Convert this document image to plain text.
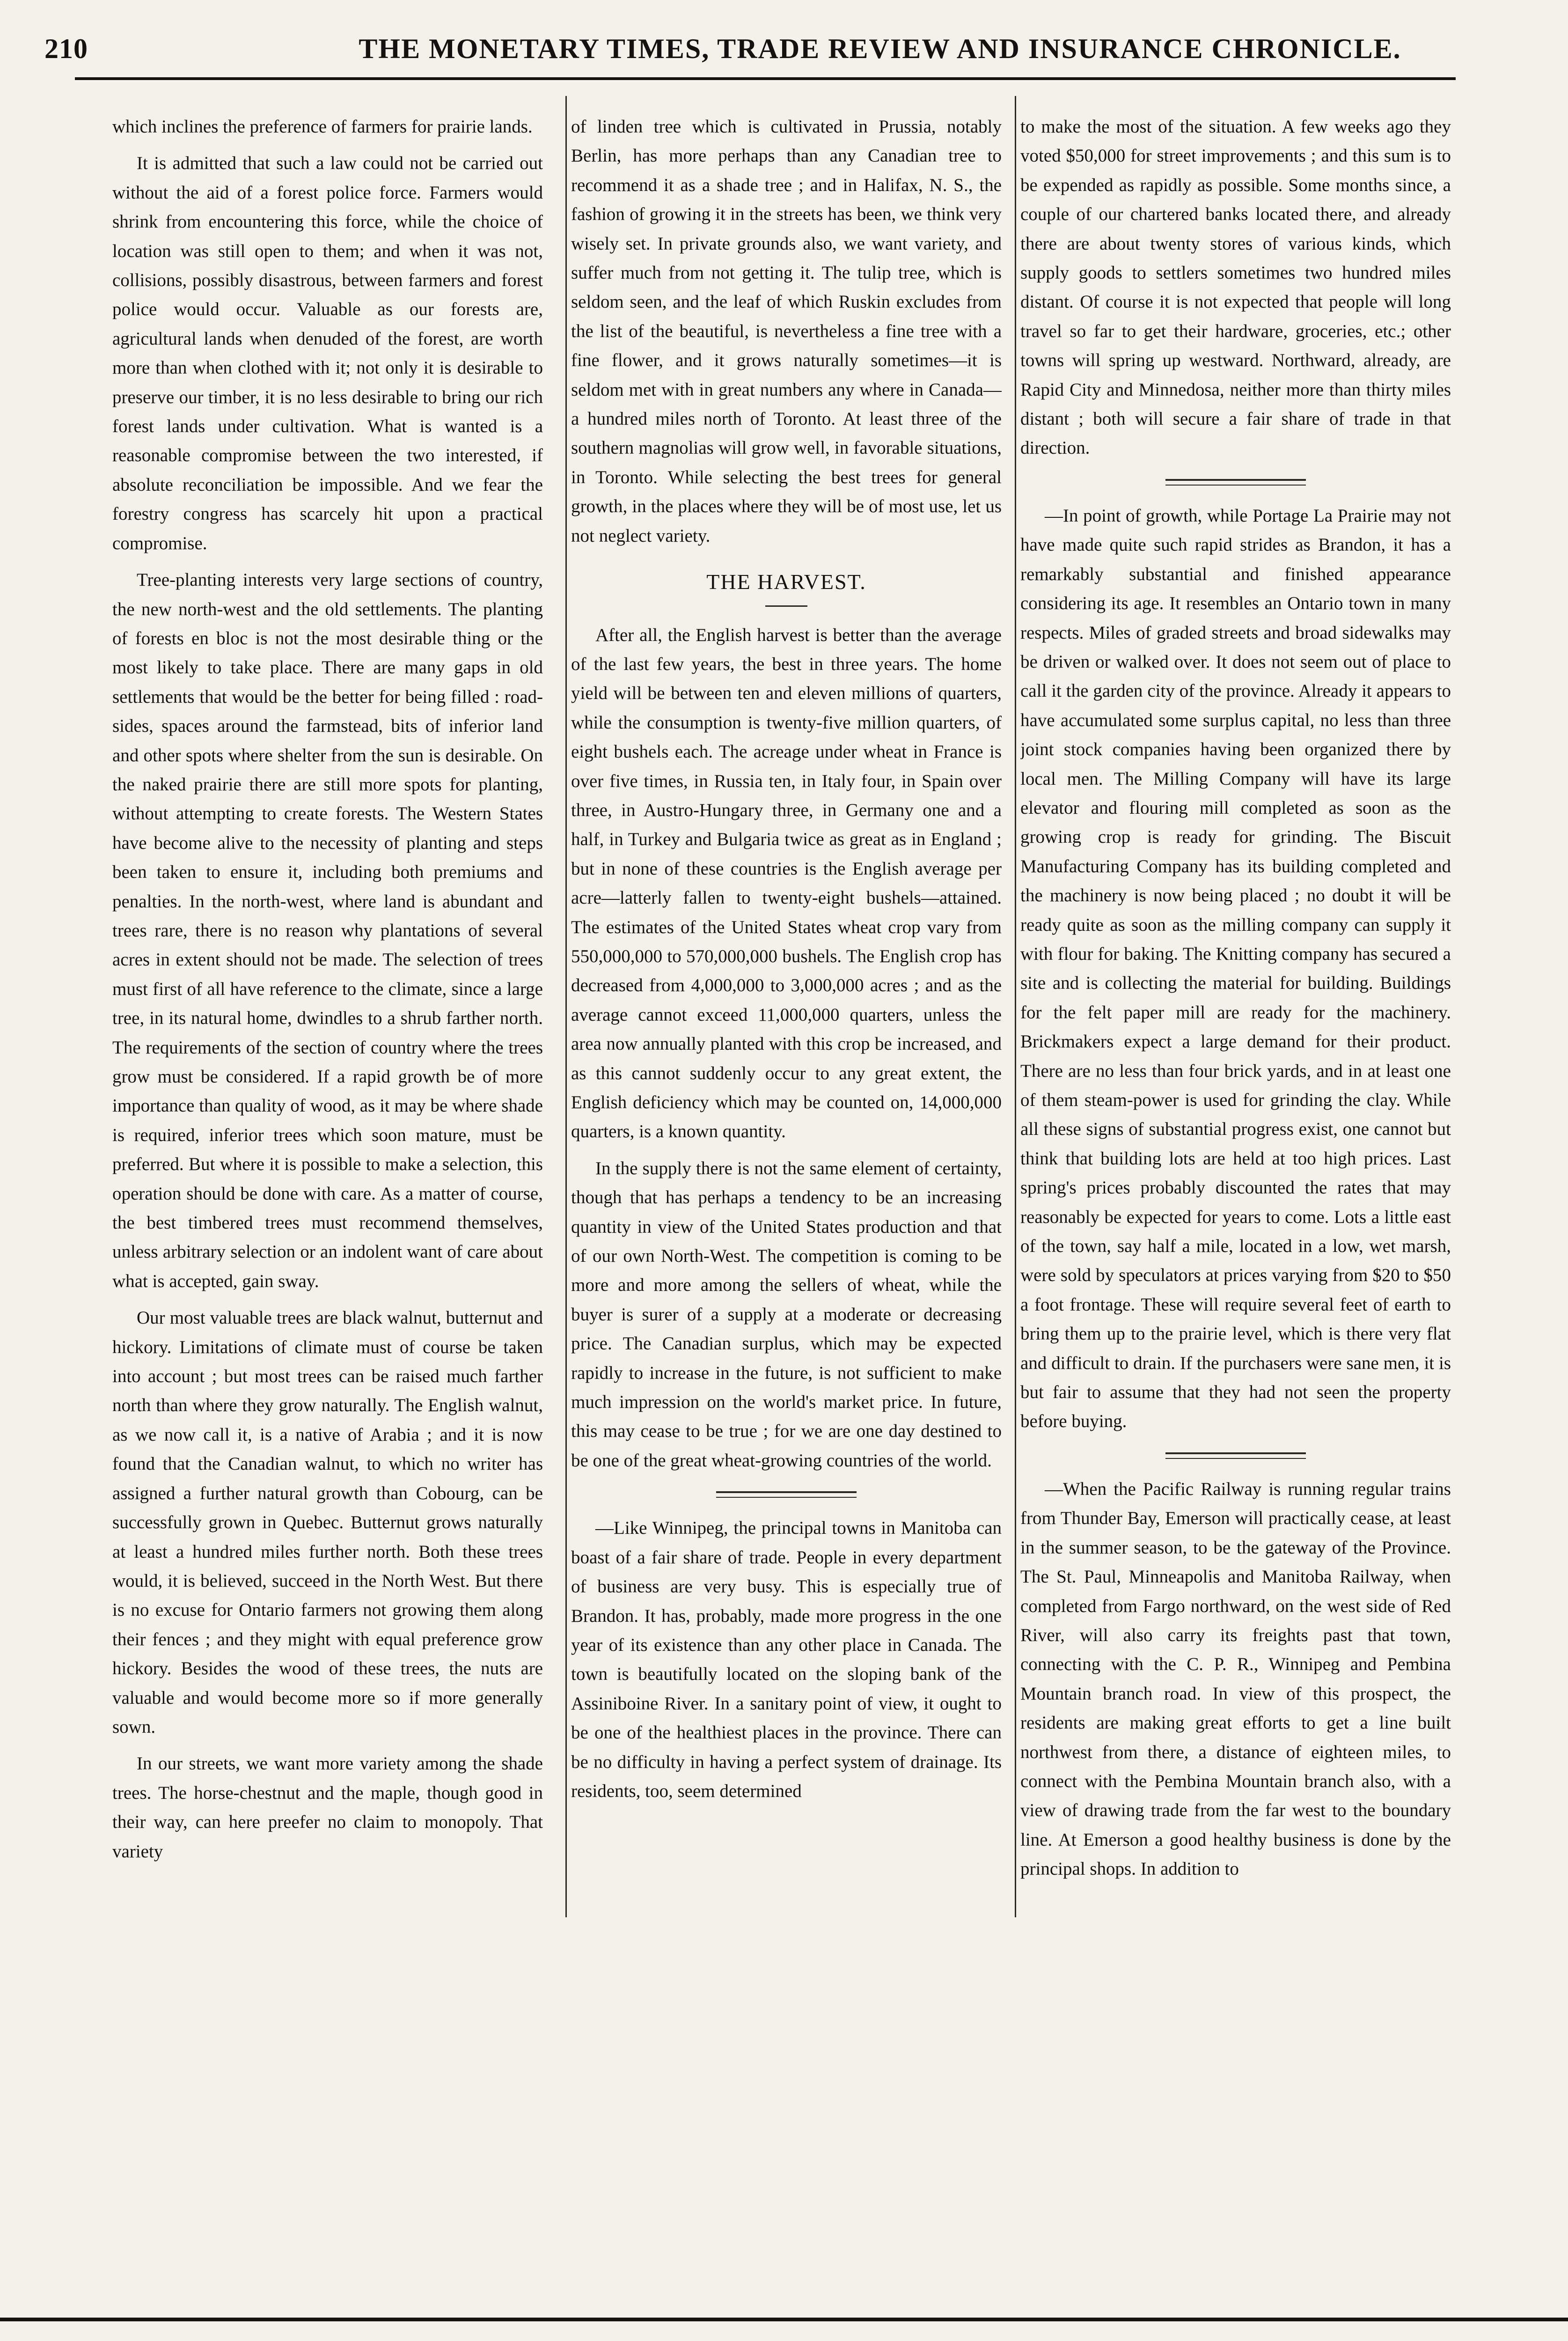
210	THE MONETARY TIMES, TRADE REVIEW AND INSURANCE CHRONICLE.

which inclines the preference of farmers for prairie lands.

It is admitted that such a law could not be carried out without the aid of a forest police force. Farmers would shrink from encountering this force, while the choice of location was still open to them; and when it was not, collisions, possibly disastrous, between farmers and forest police would occur. Valuable as our forests are, agricultural lands when denuded of the forest, are worth more than when clothed with it; not only it is desirable to preserve our timber, it is no less desirable to bring our rich forest lands under cultivation. What is wanted is a reasonable compromise between the two interested, if absolute reconciliation be impossible. And we fear the forestry congress has scarcely hit upon a practical compromise.

Tree-planting interests very large sections of country, the new north-west and the old settlements. The planting of forests en bloc is not the most desirable thing or the most likely to take place. There are many gaps in old settlements that would be the better for being filled : road-sides, spaces around the farmstead, bits of inferior land and other spots where shelter from the sun is desirable. On the naked prairie there are still more spots for planting, without attempting to create forests. The Western States have become alive to the necessity of planting and steps been taken to ensure it, including both premiums and penalties. In the north-west, where land is abundant and trees rare, there is no reason why plantations of several acres in extent should not be made. The selection of trees must first of all have reference to the climate, since a large tree, in its natural home, dwindles to a shrub farther north. The requirements of the section of country where the trees grow must be considered. If a rapid growth be of more importance than quality of wood, as it may be where shade is required, inferior trees which soon mature, must be preferred. But where it is possible to make a selection, this operation should be done with care. As a matter of course, the best timbered trees must recommend themselves, unless arbitrary selection or an indolent want of care about what is accepted, gain sway.

Our most valuable trees are black walnut, butternut and hickory. Limitations of climate must of course be taken into account ; but most trees can be raised much farther north than where they grow naturally. The English walnut, as we now call it, is a native of Arabia ; and it is now found that the Canadian walnut, to which no writer has assigned a further natural growth than Cobourg, can be successfully grown in Quebec. Butternut grows naturally at least a hundred miles further north. Both these trees would, it is believed, succeed in the North West. But there is no excuse for Ontario farmers not growing them along their fences ; and they might with equal preference grow hickory. Besides the wood of these trees, the nuts are valuable and would become more so if more generally sown.

In our streets, we want more variety among the shade trees. The horse-chestnut and the maple, though good in their way, can here preefer no claim to monopoly. That variety

of linden tree which is cultivated in Prussia, notably Berlin, has more perhaps than any Canadian tree to recommend it as a shade tree ; and in Halifax, N. S., the fashion of growing it in the streets has been, we think very wisely set. In private grounds also, we want variety, and suffer much from not getting it. The tulip tree, which is seldom seen, and the leaf of which Ruskin excludes from the list of the beautiful, is nevertheless a fine tree with a fine flower, and it grows naturally sometimes—it is seldom met with in great numbers any where in Canada—a hundred miles north of Toronto. At least three of the southern magnolias will grow well, in favorable situations, in Toronto. While selecting the best trees for general growth, in the places where they will be of most use, let us not neglect variety.

THE HARVEST.

After all, the English harvest is better than the average of the last few years, the best in three years. The home yield will be between ten and eleven millions of quarters, while the consumption is twenty-five million quarters, of eight bushels each. The acreage under wheat in France is over five times, in Russia ten, in Italy four, in Spain over three, in Austro-Hungary three, in Germany one and a half, in Turkey and Bulgaria twice as great as in England ; but in none of these countries is the English average per acre—latterly fallen to twenty-eight bushels—attained. The estimates of the United States wheat crop vary from 550,000,000 to 570,000,000 bushels. The English crop has decreased from 4,000,000 to 3,000,000 acres ; and as the average cannot exceed 11,000,000 quarters, unless the area now annually planted with this crop be increased, and as this cannot suddenly occur to any great extent, the English deficiency which may be counted on, 14,000,000 quarters, is a known quantity.

In the supply there is not the same element of certainty, though that has perhaps a tendency to be an increasing quantity in view of the United States production and that of our own North-West. The competition is coming to be more and more among the sellers of wheat, while the buyer is surer of a supply at a moderate or decreasing price. The Canadian surplus, which may be expected rapidly to increase in the future, is not sufficient to make much impression on the world's market price. In future, this may cease to be true ; for we are one day destined to be one of the great wheat-growing countries of the world.

—Like Winnipeg, the principal towns in Manitoba can boast of a fair share of trade. People in every department of business are very busy. This is especially true of Brandon. It has, probably, made more progress in the one year of its existence than any other place in Canada. The town is beautifully located on the sloping bank of the Assiniboine River. In a sanitary point of view, it ought to be one of the healthiest places in the province. There can be no difficulty in having a perfect system of drainage. Its residents, too, seem determined

to make the most of the situation. A few weeks ago they voted $50,000 for street improvements ; and this sum is to be expended as rapidly as possible. Some months since, a couple of our chartered banks located there, and already there are about twenty stores of various kinds, which supply goods to settlers sometimes two hundred miles distant. Of course it is not expected that people will long travel so far to get their hardware, groceries, etc.; other towns will spring up westward. Northward, already, are Rapid City and Minnedosa, neither more than thirty miles distant ; both will secure a fair share of trade in that direction.

—In point of growth, while Portage La Prairie may not have made quite such rapid strides as Brandon, it has a remarkably substantial and finished appearance considering its age. It resembles an Ontario town in many respects. Miles of graded streets and broad sidewalks may be driven or walked over. It does not seem out of place to call it the garden city of the province. Already it appears to have accumulated some surplus capital, no less than three joint stock companies having been organized there by local men. The Milling Company will have its large elevator and flouring mill completed as soon as the growing crop is ready for grinding. The Biscuit Manufacturing Company has its building completed and the machinery is now being placed ; no doubt it will be ready quite as soon as the milling company can supply it with flour for baking. The Knitting company has secured a site and is collecting the material for building. Buildings for the felt paper mill are ready for the machinery. Brickmakers expect a large demand for their product. There are no less than four brick yards, and in at least one of them steam-power is used for grinding the clay. While all these signs of substantial progress exist, one cannot but think that building lots are held at too high prices. Last spring's prices probably discounted the rates that may reasonably be expected for years to come. Lots a little east of the town, say half a mile, located in a low, wet marsh, were sold by speculators at prices varying from $20 to $50 a foot frontage. These will require several feet of earth to bring them up to the prairie level, which is there very flat and difficult to drain. If the purchasers were sane men, it is but fair to assume that they had not seen the property before buying.

—When the Pacific Railway is running regular trains from Thunder Bay, Emerson will practically cease, at least in the summer season, to be the gateway of the Province. The St. Paul, Minneapolis and Manitoba Railway, when completed from Fargo northward, on the west side of Red River, will also carry its freights past that town, connecting with the C. P. R., Winnipeg and Pembina Mountain branch road. In view of this prospect, the residents are making great efforts to get a line built northwest from there, a distance of eighteen miles, to connect with the Pembina Mountain branch also, with a view of drawing trade from the far west to the boundary line. At Emerson a good healthy business is done by the principal shops. In addition to
